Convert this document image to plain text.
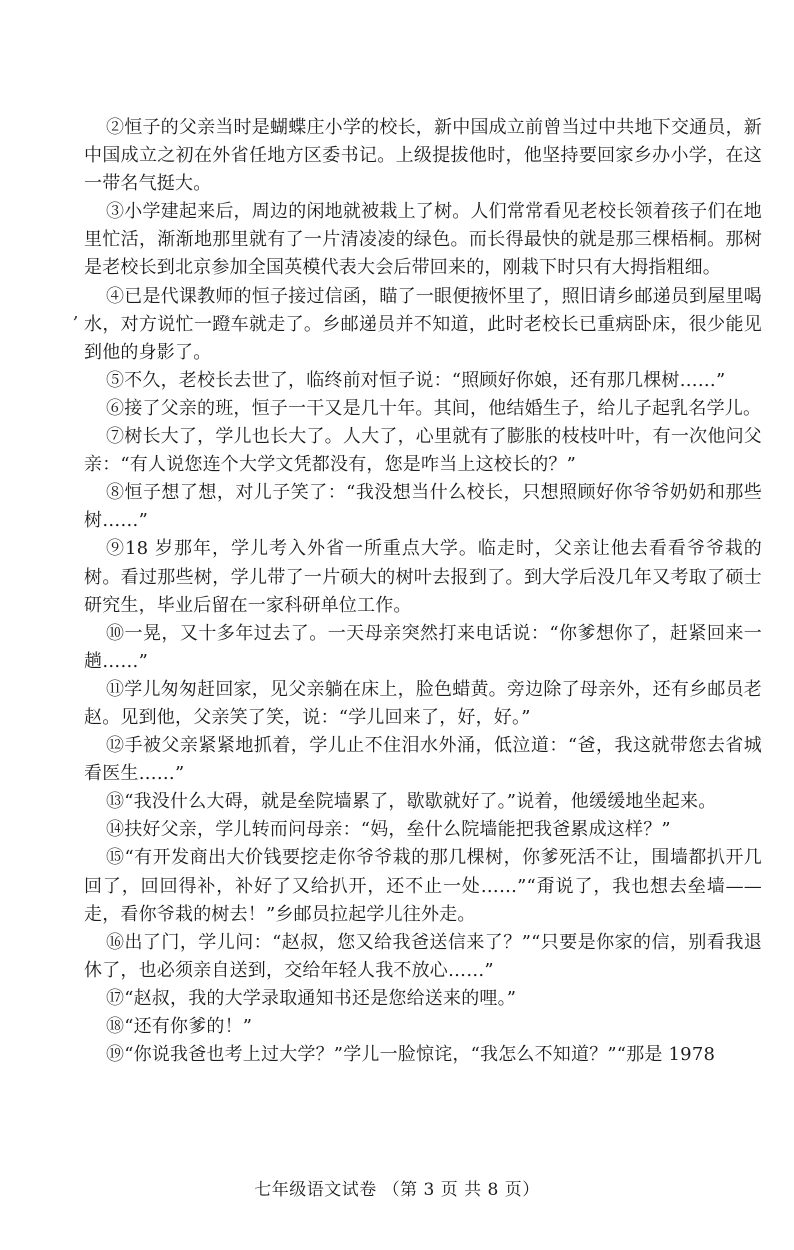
,

②恒子的父亲当时是蝴蝶庄小学的校长，新中国成立前曾当过中共地下交通员，新中国成立之初在外省任地方区委书记。上级提拔他时，他坚持要回家乡办小学，在这一带名气挺大。

③小学建起来后，周边的闲地就被栽上了树。人们常常看见老校长领着孩子们在地里忙活，渐渐地那里就有了一片清凌凌的绿色。而长得最快的就是那三棵梧桐。那树是老校长到北京参加全国英模代表大会后带回来的，刚栽下时只有大拇指粗细。

④已是代课教师的恒子接过信函，瞄了一眼便掖怀里了，照旧请乡邮递员到屋里喝水，对方说忙一蹬车就走了。乡邮递员并不知道，此时老校长已重病卧床，很少能见到他的身影了。

⑤不久，老校长去世了，临终前对恒子说：“照顾好你娘，还有那几棵树……”

⑥接了父亲的班，恒子一干又是几十年。其间，他结婚生子，给儿子起乳名学儿。

⑦树长大了，学儿也长大了。人大了，心里就有了膨胀的枝枝叶叶，有一次他问父亲：“有人说您连个大学文凭都没有，您是咋当上这校长的？”

⑧恒子想了想，对儿子笑了：“我没想当什么校长，只想照顾好你爷爷奶奶和那些树……”

⑨18 岁那年，学儿考入外省一所重点大学。临走时，父亲让他去看看爷爷栽的树。看过那些树，学儿带了一片硕大的树叶去报到了。到大学后没几年又考取了硕士研究生，毕业后留在一家科研单位工作。

⑩一晃，又十多年过去了。一天母亲突然打来电话说：“你爹想你了，赶紧回来一趟……”

⑪学儿匆匆赶回家，见父亲躺在床上，脸色蜡黄。旁边除了母亲外，还有乡邮员老赵。见到他，父亲笑了笑，说：“学儿回来了，好，好。”

⑫手被父亲紧紧地抓着，学儿止不住泪水外涌，低泣道：“爸，我这就带您去省城看医生……”

⑬“我没什么大碍，就是垒院墙累了，歇歇就好了。”说着，他缓缓地坐起来。

⑭扶好父亲，学儿转而问母亲：“妈，垒什么院墙能把我爸累成这样？”

⑮“有开发商出大价钱要挖走你爷爷栽的那几棵树，你爹死活不让，围墙都扒开几回了，回回得补，补好了又给扒开，还不止一处……”“甭说了，我也想去垒墙——走，看你爷栽的树去！”乡邮员拉起学儿往外走。

⑯出了门，学儿问：“赵叔，您又给我爸送信来了？”“只要是你家的信，别看我退休了，也必须亲自送到，交给年轻人我不放心……”

⑰“赵叔，我的大学录取通知书还是您给送来的哩。”

⑱“还有你爹的！”

⑲“你说我爸也考上过大学？”学儿一脸惊诧，“我怎么不知道？”“那是 1978

七年级语文试卷 （第 3 页 共 8 页）
